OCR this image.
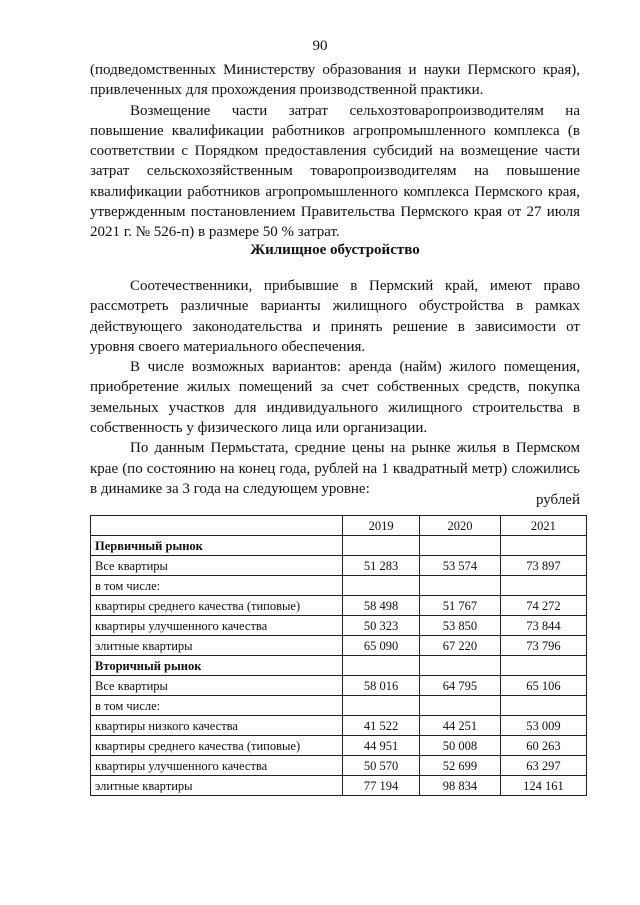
90

(подведомственных Министерству образования и науки Пермского края), привлеченных для прохождения производственной практики.

Возмещение части затрат сельхозтоваропроизводителям на повышение квалификации работников агропромышленного комплекса (в соответствии с Порядком предоставления субсидий на возмещение части затрат сельскохозяйственным товаропроизводителям на повышение квалификации работников агропромышленного комплекса Пермского края, утвержденным постановлением Правительства Пермского края от 27 июля 2021 г. № 526-п) в размере 50 % затрат.

Жилищное обустройство

Соотечественники, прибывшие в Пермский край, имеют право рассмотреть различные варианты жилищного обустройства в рамках действующего законодательства и принять решение в зависимости от уровня своего материального обеспечения.

В числе возможных вариантов: аренда (найм) жилого помещения, приобретение жилых помещений за счет собственных средств, покупка земельных участков для индивидуального жилищного строительства в собственность у физического лица или организации.

По данным Пермьстата, средние цены на рынке жилья в Пермском крае (по состоянию на конец года, рублей на 1 квадратный метр) сложились в динамике за 3 года на следующем уровне:

рублей
	2019	2020	2021
Первичный рынок			
Все квартиры	51 283	53 574	73 897
в том числе:			
квартиры среднего качества (типовые)	58 498	51 767	74 272
квартиры улучшенного качества	50 323	53 850	73 844
элитные квартиры	65 090	67 220	73 796
Вторичный рынок			
Все квартиры	58 016	64 795	65 106
в том числе:			
квартиры низкого качества	41 522	44 251	53 009
квартиры среднего качества (типовые)	44 951	50 008	60 263
квартиры улучшенного качества	50 570	52 699	63 297
элитные квартиры	77 194	98 834	124 161
